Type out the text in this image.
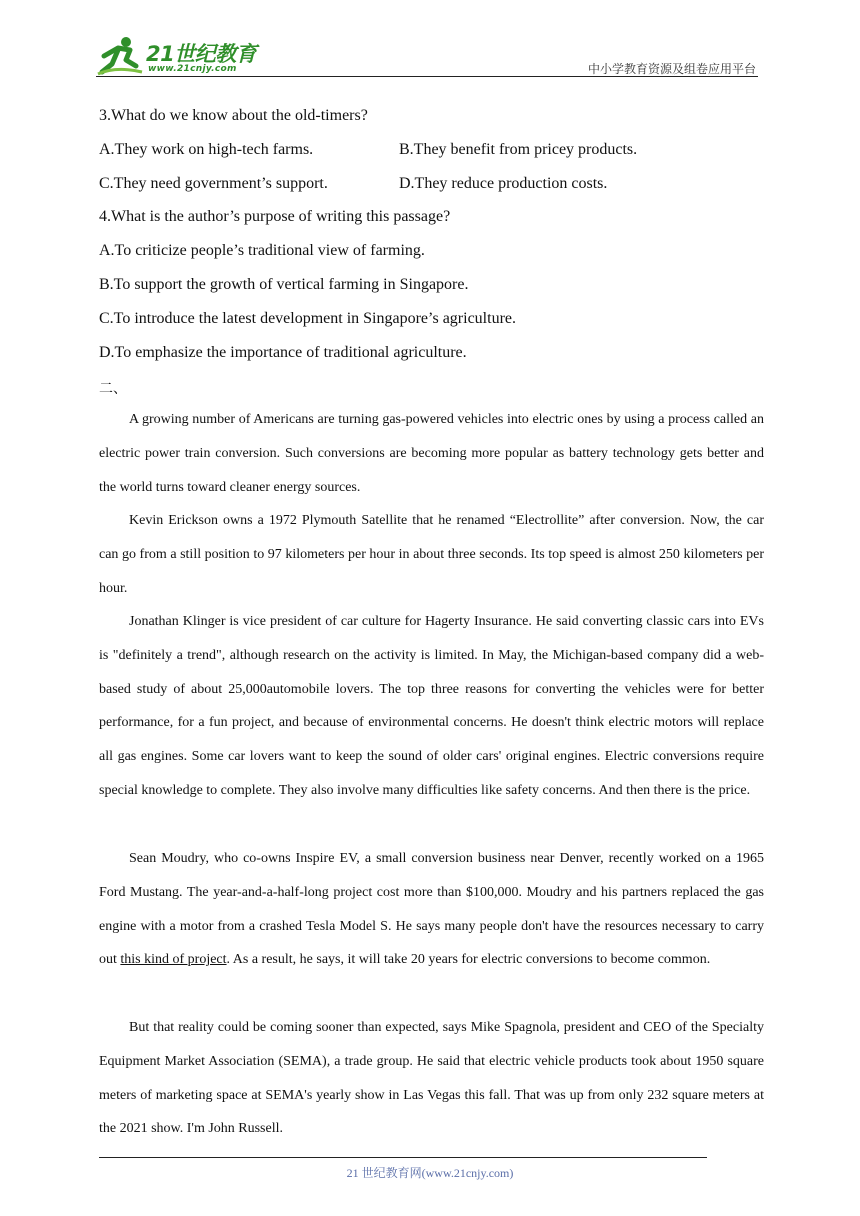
21世纪教育
www.21cnjy.com	中小学教育资源及组卷应用平台
3.What do we know about the old-timers?
A.They work on high-tech farms.	B.They benefit from pricey products.
C.They need government’s support.	D.They reduce production costs.
4.What is the author’s purpose of writing this passage?
A.To criticize people’s traditional view of farming.
B.To support the growth of vertical farming in Singapore.
C.To introduce the latest development in Singapore’s agriculture.
D.To emphasize the importance of traditional agriculture.
二、

A growing number of Americans are turning gas-powered vehicles into electric ones by using a process called an electric power train conversion. Such conversions are becoming more popular as battery technology gets better and the world turns toward cleaner energy sources.

Kevin Erickson owns a 1972 Plymouth Satellite that he renamed “Electrollite” after conversion. Now, the car can go from a still position to 97 kilometers per hour in about three seconds. Its top speed is almost 250 kilometers per hour.

Jonathan Klinger is vice president of car culture for Hagerty Insurance. He said converting classic cars into EVs is "definitely a trend", although research on the activity is limited. In May, the Michigan-based company did a web-based study of about 25,000automobile lovers. The top three reasons for converting the vehicles were for better performance, for a fun project, and because of environmental concerns. He doesn't think electric motors will replace all gas engines. Some car lovers want to keep the sound of older cars' original engines. Electric conversions require special knowledge to complete. They also involve many difficulties like safety concerns. And then there is the price.

Sean Moudry, who co-owns Inspire EV, a small conversion business near Denver, recently worked on a 1965 Ford Mustang. The year-and-a-half-long project cost more than $100,000. Moudry and his partners replaced the gas engine with a motor from a crashed Tesla Model S. He says many people don't have the resources necessary to carry out this kind of project. As a result, he says, it will take 20 years for electric conversions to become common.

But that reality could be coming sooner than expected, says Mike Spagnola, president and CEO of the Specialty Equipment Market Association (SEMA), a trade group. He said that electric vehicle products took about 1950 square meters of marketing space at SEMA's yearly show in Las Vegas this fall. That was up from only 232 square meters at the 2021 show. I'm John Russell.

21 世纪教育网(www.21cnjy.com)
